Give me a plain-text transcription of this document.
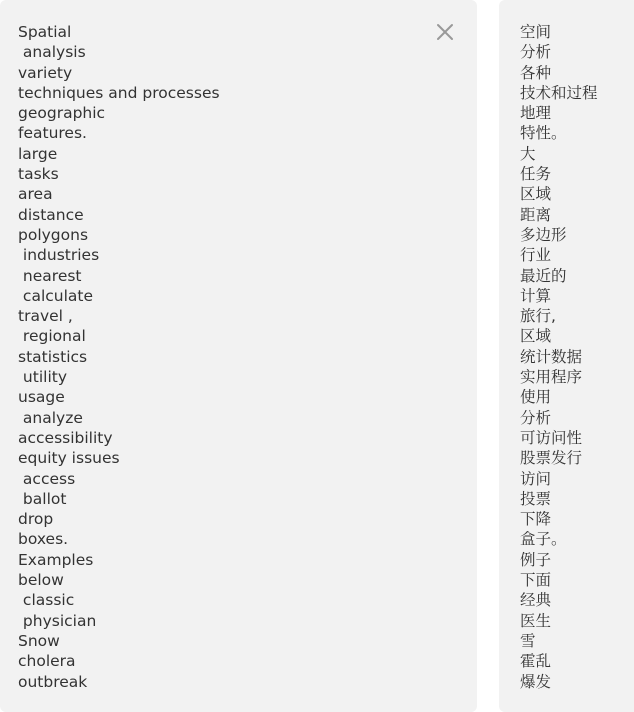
Spatial
analysis
variety
techniques and processes
geographic
features.
large
tasks
area
distance
polygons
industries
nearest
calculate
travel ,
regional
statistics
utility
usage
analyze
accessibility
equity issues
access
ballot
drop
boxes.
Examples
below
classic
physician
Snow
cholera
outbreak
空间
分析
各种
技术和过程
地理
特性。
大
任务
区域
距离
多边形
行业
最近的
计算
旅行,
区域
统计数据
实用程序
使用
分析
可访问性
股票发行
访问
投票
下降
盒子。
例子
下面
经典
医生
雪
霍乱
爆发
